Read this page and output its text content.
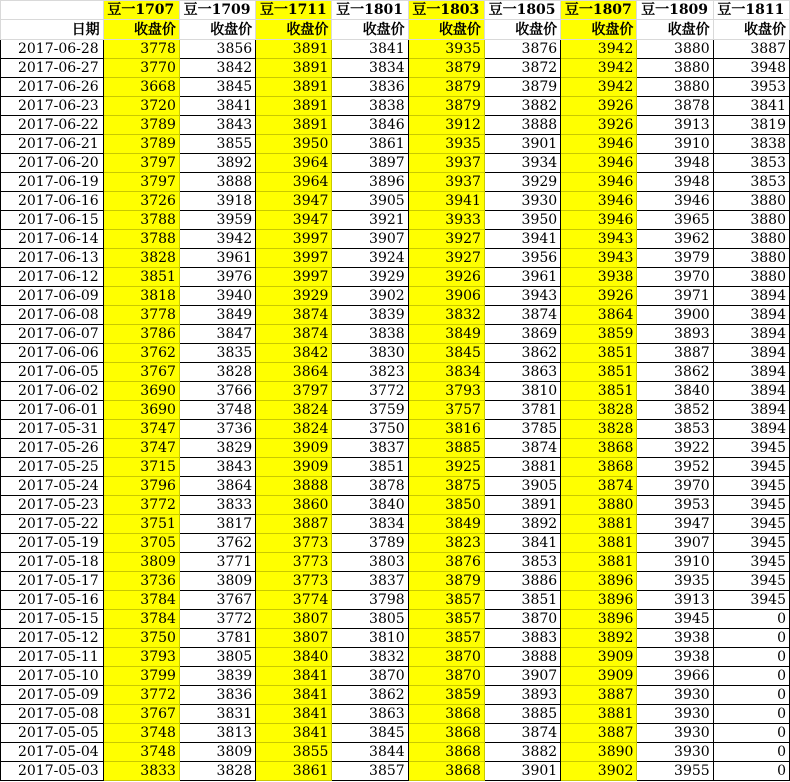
	豆一1707	豆一1709	豆一1711	豆一1801	豆一1803	豆一1805	豆一1807	豆一1809	豆一1811
日期	收盘价	收盘价	收盘价	收盘价	收盘价	收盘价	收盘价	收盘价	收盘价
2017-06-28	3778	3856	3891	3841	3935	3876	3942	3880	3887
2017-06-27	3770	3842	3891	3834	3879	3872	3942	3880	3948
2017-06-26	3668	3845	3891	3836	3879	3879	3942	3880	3953
2017-06-23	3720	3841	3891	3838	3879	3882	3926	3878	3841
2017-06-22	3789	3843	3891	3846	3912	3888	3926	3913	3819
2017-06-21	3789	3855	3950	3861	3935	3901	3946	3910	3838
2017-06-20	3797	3892	3964	3897	3937	3934	3946	3948	3853
2017-06-19	3797	3888	3964	3896	3937	3929	3946	3948	3853
2017-06-16	3726	3918	3947	3905	3941	3930	3946	3946	3880
2017-06-15	3788	3959	3947	3921	3933	3950	3946	3965	3880
2017-06-14	3788	3942	3997	3907	3927	3941	3943	3962	3880
2017-06-13	3828	3961	3997	3924	3927	3956	3943	3979	3880
2017-06-12	3851	3976	3997	3929	3926	3961	3938	3970	3880
2017-06-09	3818	3940	3929	3902	3906	3943	3926	3971	3894
2017-06-08	3778	3849	3874	3839	3832	3874	3864	3900	3894
2017-06-07	3786	3847	3874	3838	3849	3869	3859	3893	3894
2017-06-06	3762	3835	3842	3830	3845	3862	3851	3887	3894
2017-06-05	3767	3828	3864	3823	3834	3863	3851	3862	3894
2017-06-02	3690	3766	3797	3772	3793	3810	3851	3840	3894
2017-06-01	3690	3748	3824	3759	3757	3781	3828	3852	3894
2017-05-31	3747	3736	3824	3750	3816	3785	3828	3853	3894
2017-05-26	3747	3829	3909	3837	3885	3874	3868	3922	3945
2017-05-25	3715	3843	3909	3851	3925	3881	3868	3952	3945
2017-05-24	3796	3864	3888	3878	3875	3905	3874	3970	3945
2017-05-23	3772	3833	3860	3840	3850	3891	3880	3953	3945
2017-05-22	3751	3817	3887	3834	3849	3892	3881	3947	3945
2017-05-19	3705	3762	3773	3789	3823	3841	3881	3907	3945
2017-05-18	3809	3771	3773	3803	3876	3853	3881	3910	3945
2017-05-17	3736	3809	3773	3837	3879	3886	3896	3935	3945
2017-05-16	3784	3767	3774	3798	3857	3851	3896	3913	3945
2017-05-15	3784	3772	3807	3805	3857	3870	3896	3945	0
2017-05-12	3750	3781	3807	3810	3857	3883	3892	3938	0
2017-05-11	3793	3805	3840	3832	3870	3888	3909	3938	0
2017-05-10	3799	3839	3841	3870	3870	3907	3909	3966	0
2017-05-09	3772	3836	3841	3862	3859	3893	3887	3930	0
2017-05-08	3767	3831	3841	3863	3868	3885	3881	3930	0
2017-05-05	3748	3813	3841	3845	3868	3874	3887	3930	0
2017-05-04	3748	3809	3855	3844	3868	3882	3890	3930	0
2017-05-03	3833	3828	3861	3857	3868	3901	3902	3955	0
